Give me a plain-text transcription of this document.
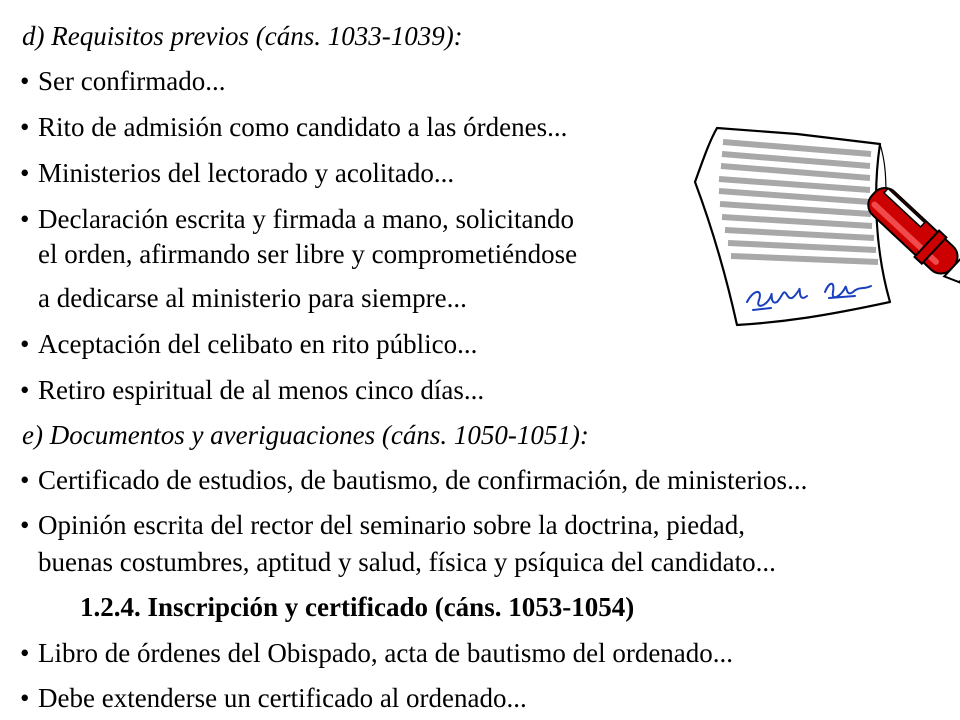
d) Requisitos previos (cáns. 1033-1039):
• Ser confirmado...
• Rito de admisión como candidato a las órdenes...
• Ministerios del lectorado y acolitado...
• Declaración escrita y firmada a mano, solicitando
el orden, afirmando ser libre y comprometiéndose
a dedicarse al ministerio para siempre...
• Aceptación del celibato en rito público...
• Retiro espiritual de al menos cinco días...
e) Documentos y averiguaciones (cáns. 1050-1051):
• Certificado de estudios, de bautismo, de confirmación, de ministerios...
• Opinión escrita del rector del seminario sobre la doctrina, piedad,
buenas costumbres, aptitud y salud, física y psíquica del candidato...
1.2.4. Inscripción y certificado (cáns. 1053-1054)
• Libro de órdenes del Obispado, acta de bautismo del ordenado...
• Debe extenderse un certificado al ordenado...
